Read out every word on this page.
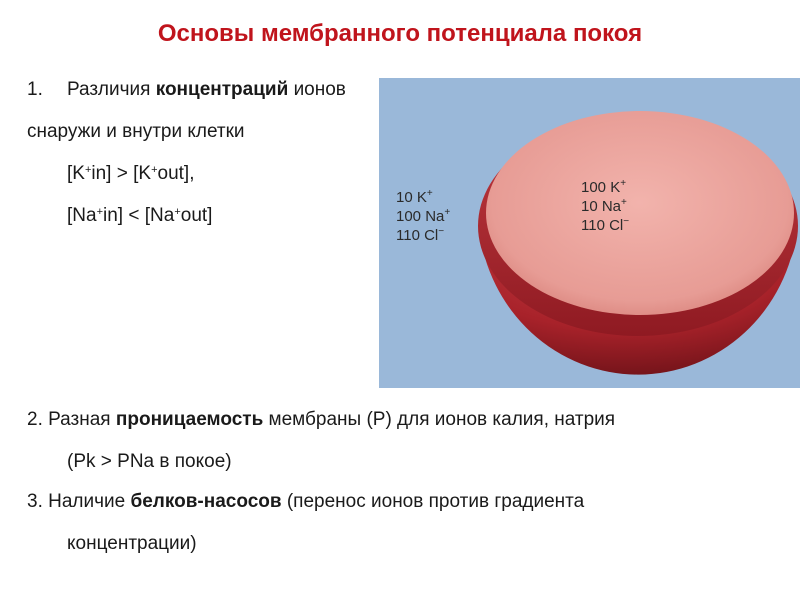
Основы мембранного потенциала покоя
1. Различия концентраций ионов
снаружи и внутри клетки
[K+in] > [K+out],
[Na+in] < [Na+out]
10 K+
100 Na+
110 Cl−
100 K+
10 Na+
110 Cl−
2. Разная проницаемость мембраны (P) для ионов калия, натрия
(Pk > PNa в покое)
3. Наличие белков-насосов (перенос ионов против градиента
концентрации)
